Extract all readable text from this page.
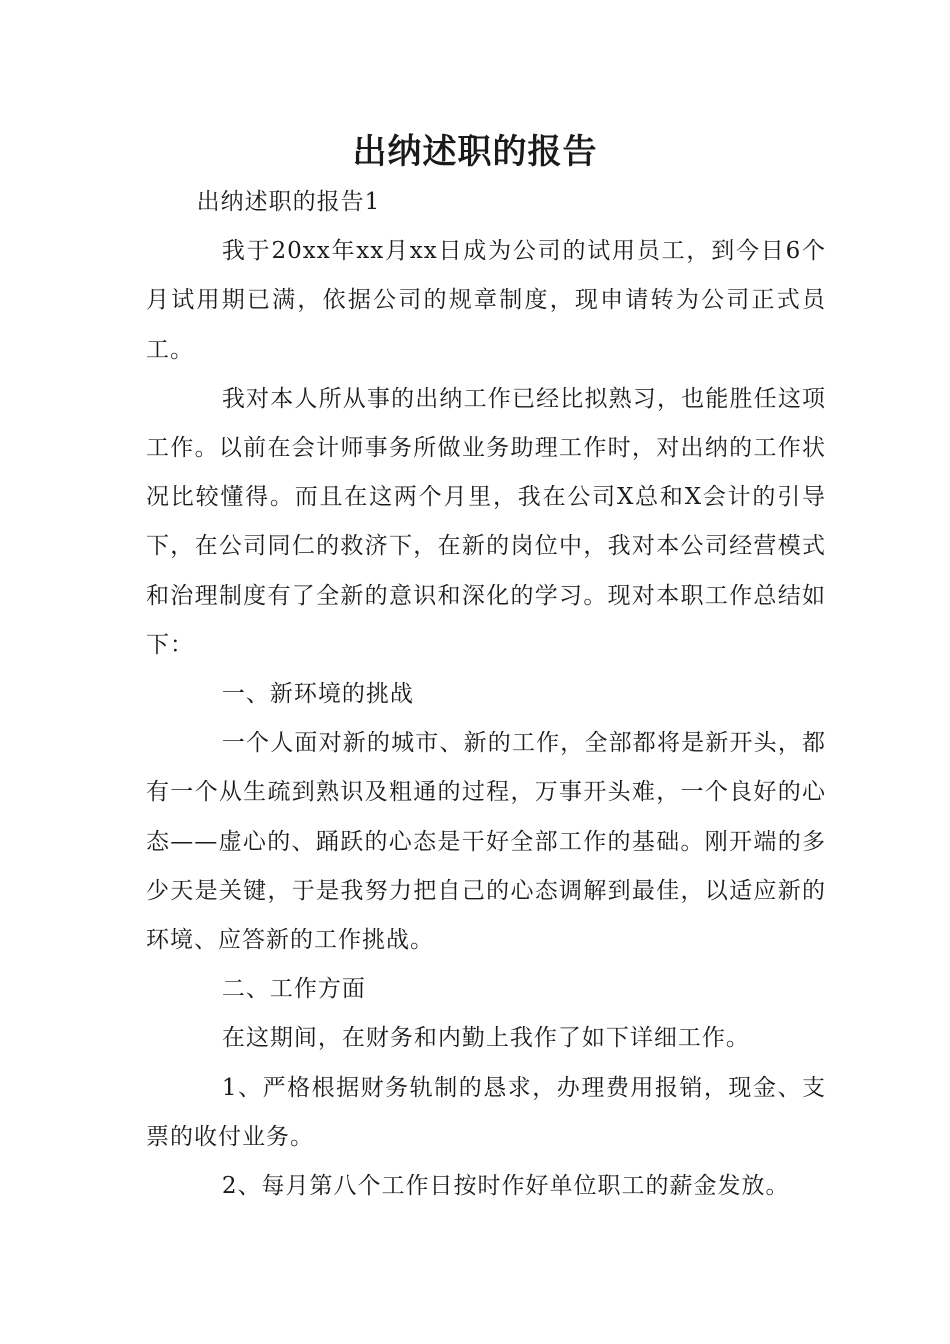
出纳述职的报告

出纳述职的报告1

我于20xx年xx月xx日成为公司的试用员工，到今日6个月试用期已满，依据公司的规章制度，现申请转为公司正式员工。

我对本人所从事的出纳工作已经比拟熟习，也能胜任这项工作。以前在会计师事务所做业务助理工作时，对出纳的工作状况比较懂得。而且在这两个月里，我在公司X总和X会计的引导下，在公司同仁的救济下，在新的岗位中，我对本公司经营模式和治理制度有了全新的意识和深化的学习。现对本职工作总结如下：

一、新环境的挑战

一个人面对新的城市、新的工作，全部都将是新开头，都有一个从生疏到熟识及粗通的过程，万事开头难，一个良好的心态——虚心的、踊跃的心态是干好全部工作的基础。刚开端的多少天是关键，于是我努力把自己的心态调解到最佳，以适应新的环境、应答新的工作挑战。

二、工作方面

在这期间，在财务和内勤上我作了如下详细工作。

1、严格根据财务轨制的恳求，办理费用报销，现金、支票的收付业务。

2、每月第八个工作日按时作好单位职工的薪金发放。
